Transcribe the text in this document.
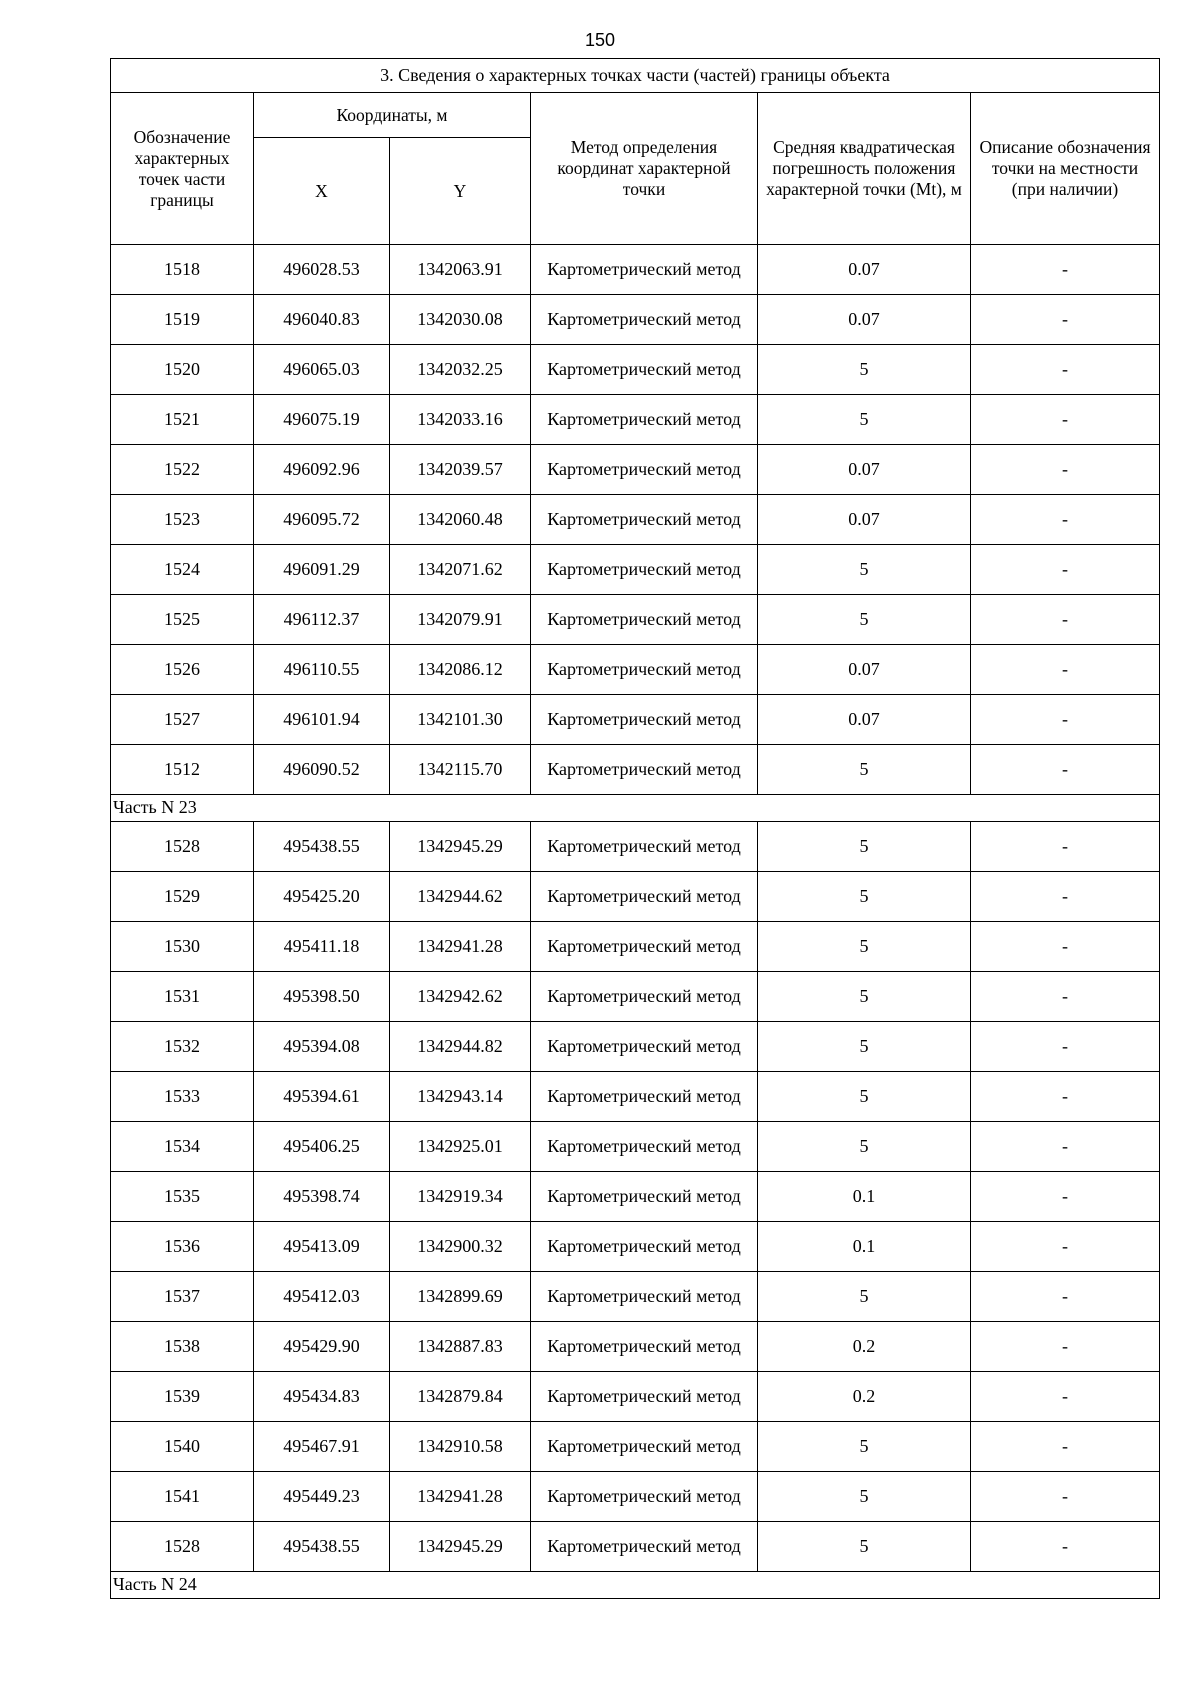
150
3. Сведения о характерных точках части (частей) границы объекта					
Обозначение характерных точек части границы	Координаты, м		Метод определения координат характерной точки	Средняя квадратическая погрешность положения характерной точки (Mt), м	Описание обозначения точки на местности (при наличии)
	X	Y			
1518	496028.53	1342063.91	Картометрический метод	0.07	-
1519	496040.83	1342030.08	Картометрический метод	0.07	-
1520	496065.03	1342032.25	Картометрический метод	5	-
1521	496075.19	1342033.16	Картометрический метод	5	-
1522	496092.96	1342039.57	Картометрический метод	0.07	-
1523	496095.72	1342060.48	Картометрический метод	0.07	-
1524	496091.29	1342071.62	Картометрический метод	5	-
1525	496112.37	1342079.91	Картометрический метод	5	-
1526	496110.55	1342086.12	Картометрический метод	0.07	-
1527	496101.94	1342101.30	Картометрический метод	0.07	-
1512	496090.52	1342115.70	Картометрический метод	5	-
Часть N 23					
1528	495438.55	1342945.29	Картометрический метод	5	-
1529	495425.20	1342944.62	Картометрический метод	5	-
1530	495411.18	1342941.28	Картометрический метод	5	-
1531	495398.50	1342942.62	Картометрический метод	5	-
1532	495394.08	1342944.82	Картометрический метод	5	-
1533	495394.61	1342943.14	Картометрический метод	5	-
1534	495406.25	1342925.01	Картометрический метод	5	-
1535	495398.74	1342919.34	Картометрический метод	0.1	-
1536	495413.09	1342900.32	Картометрический метод	0.1	-
1537	495412.03	1342899.69	Картометрический метод	5	-
1538	495429.90	1342887.83	Картометрический метод	0.2	-
1539	495434.83	1342879.84	Картометрический метод	0.2	-
1540	495467.91	1342910.58	Картометрический метод	5	-
1541	495449.23	1342941.28	Картометрический метод	5	-
1528	495438.55	1342945.29	Картометрический метод	5	-
Часть N 24					
